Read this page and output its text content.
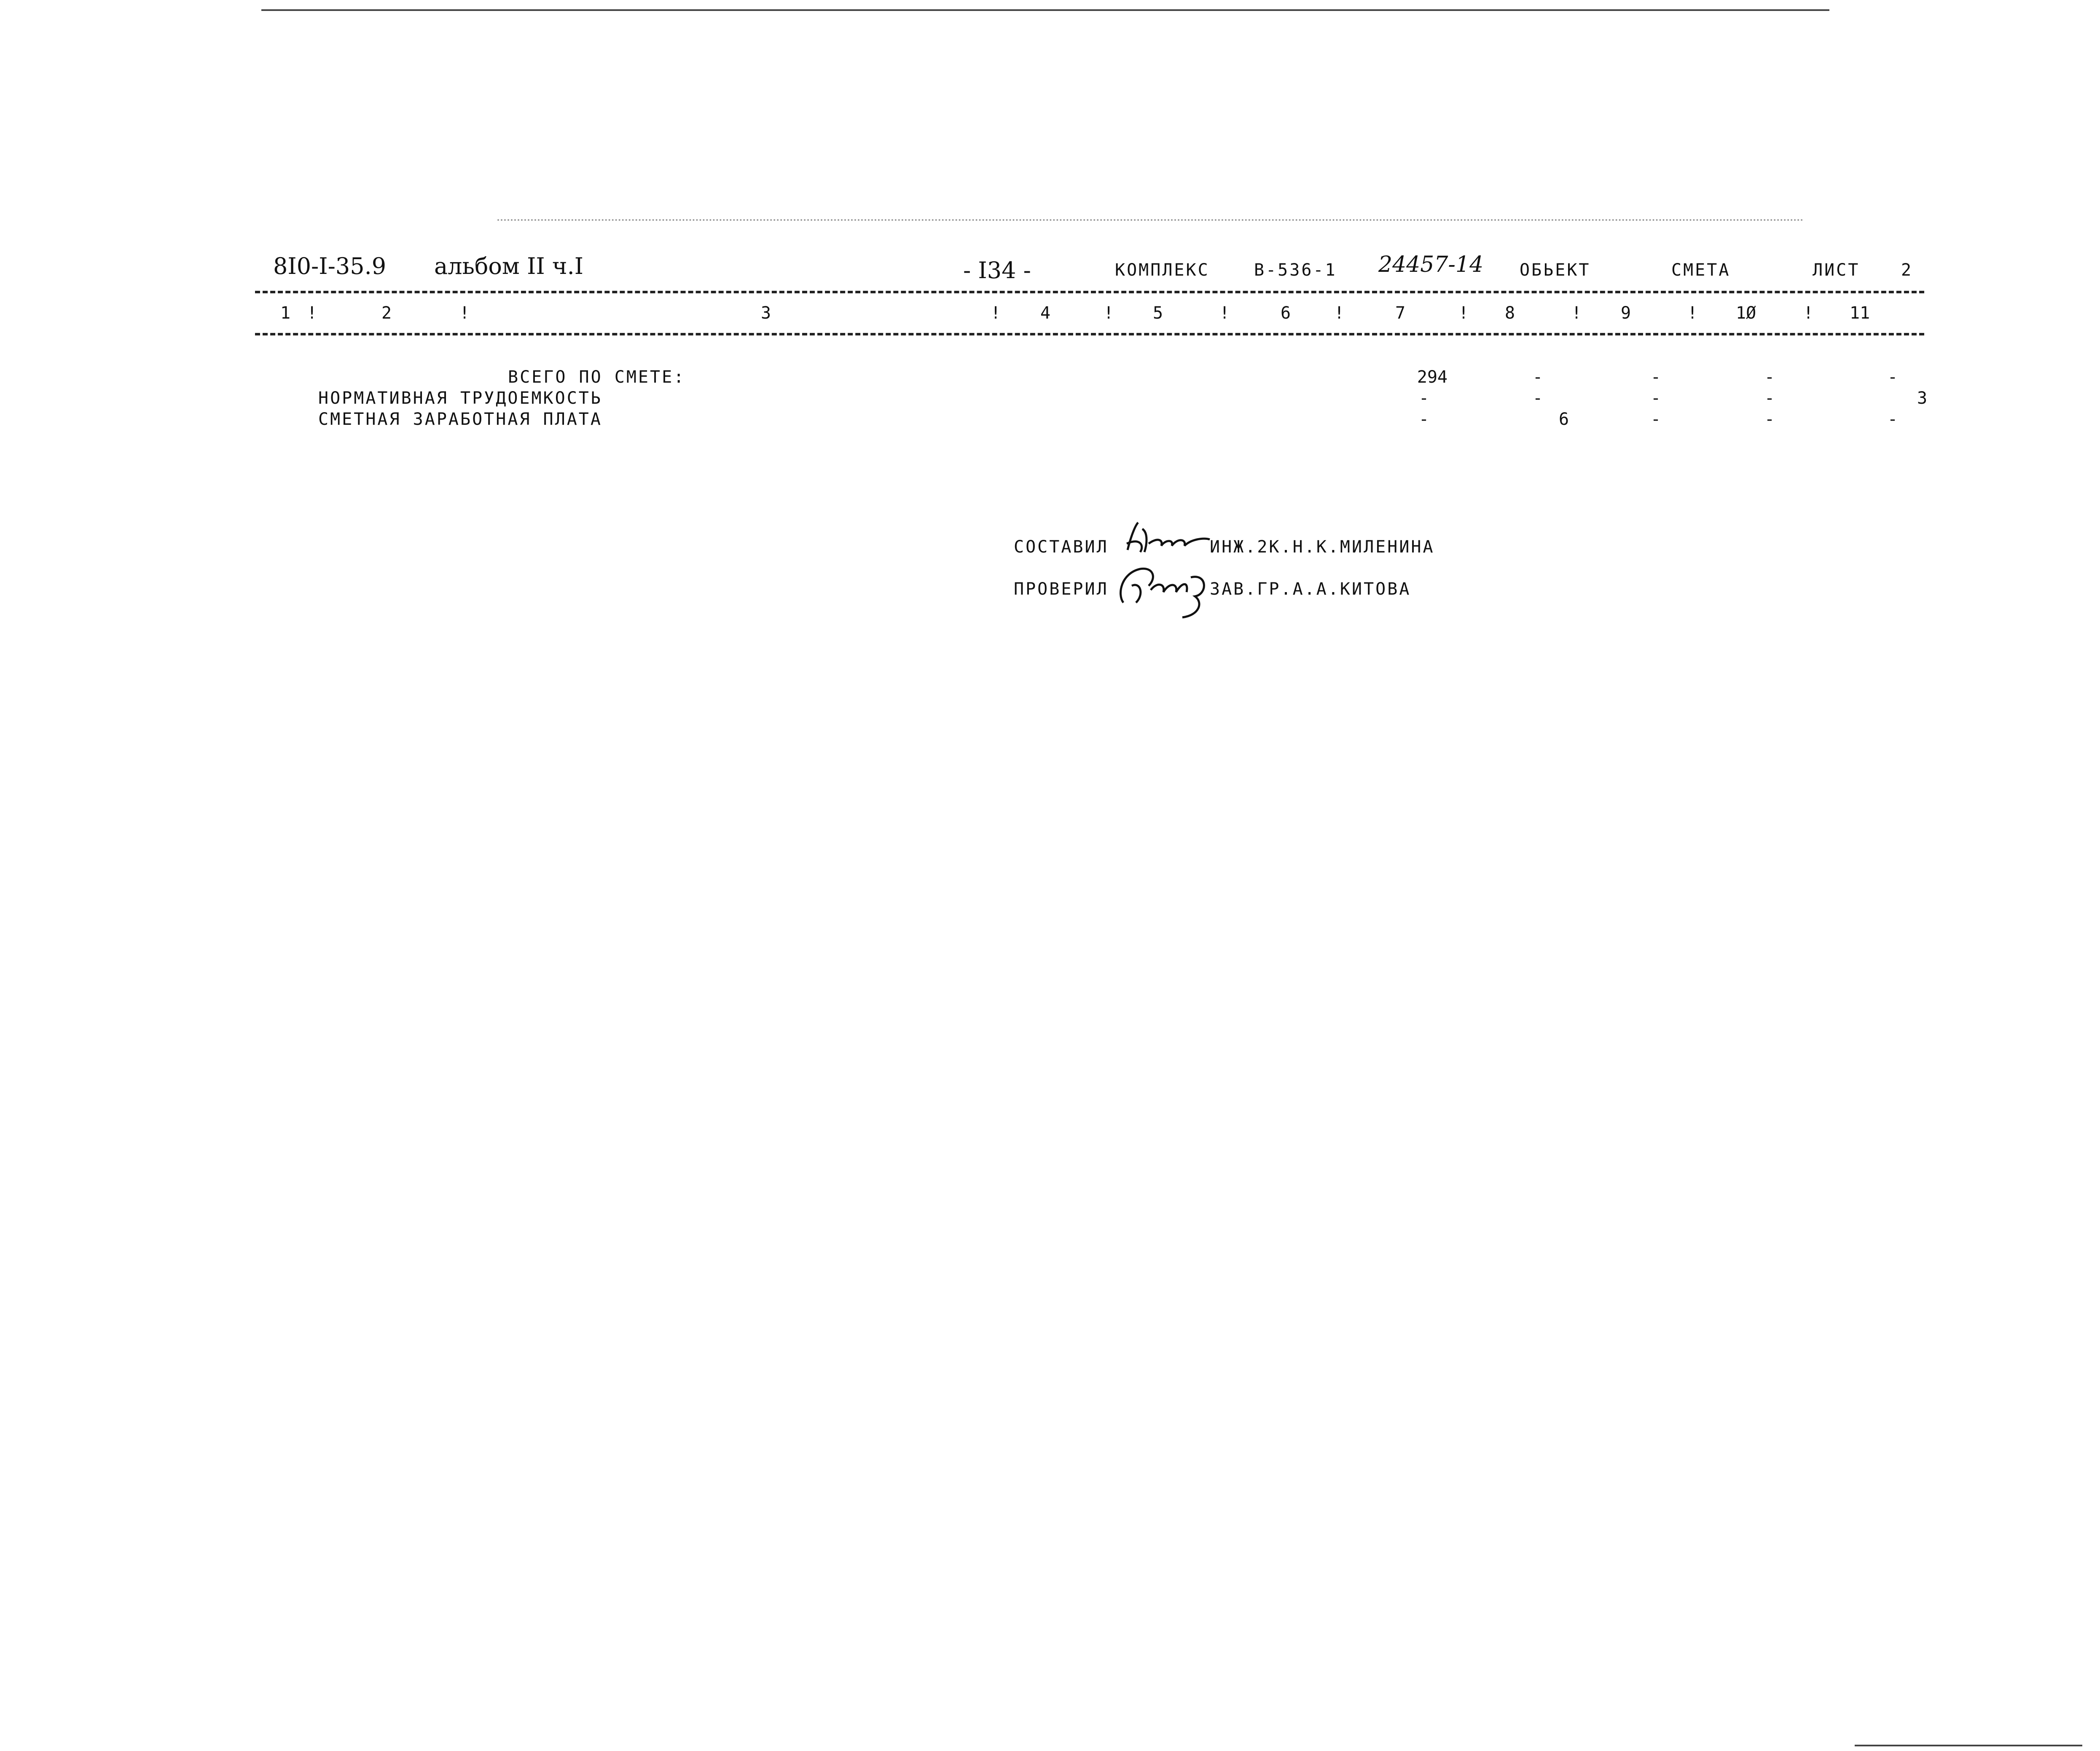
8I0-I-35.9 альбом II ч.I	- I34 -	КОМПЛЕКС	В-536-1 24457-14 ОБЬЕКТ	СМЕТА	ЛИСТ 2
1 !	2	!	3	! 4	! 5	!	6	!	7	! 8	! 9	! 1Ø	! 11
ВСЕГО ПО СМЕТЕ:	294	-	-	-	-
НОРМАТИВНАЯ ТРУДОЕМКОСТЬ	-	-	-	-	3
СМЕТНАЯ ЗАРАБОТНАЯ ПЛАТА	-	6	-	-	-
СОСТАВИЛ	ИНЖ.2К.Н.К.МИЛЕНИНА
ПРОВЕРИЛ	ЗАВ.ГР.А.А.КИТОВА
